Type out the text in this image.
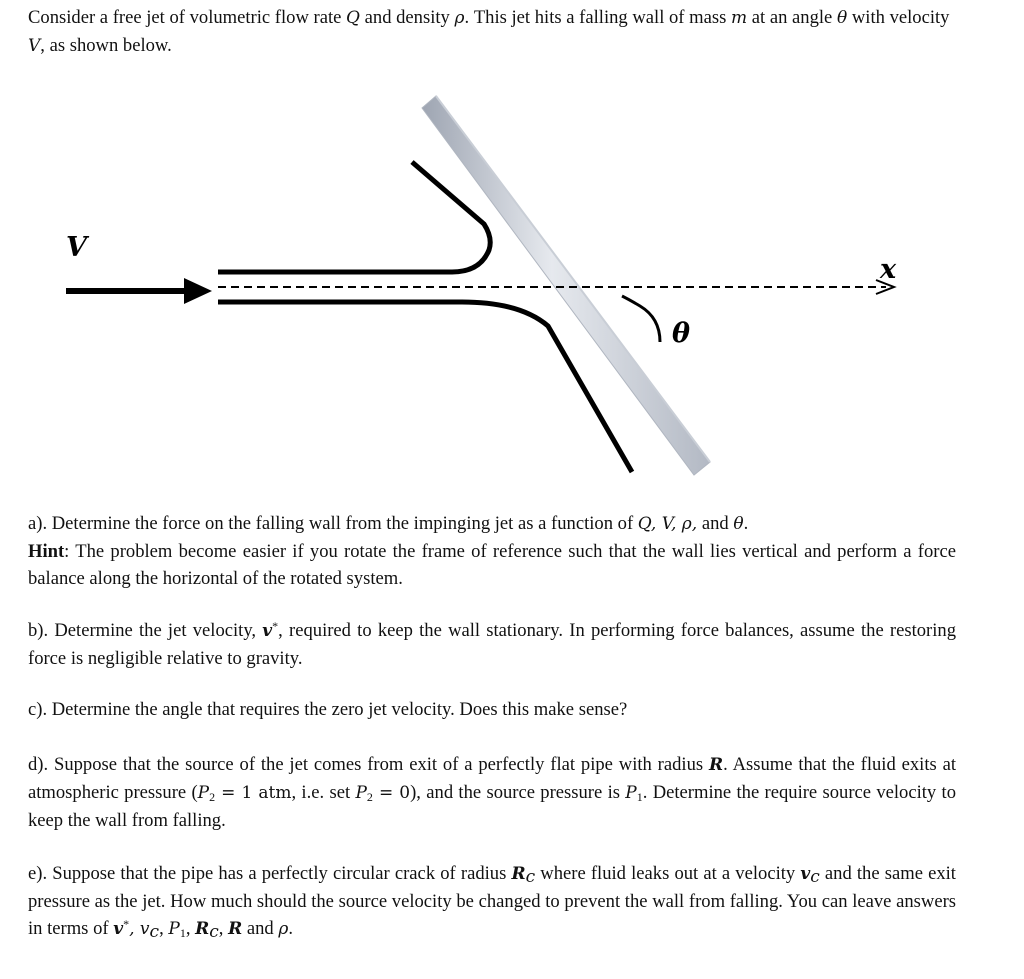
Consider a free jet of volumetric flow rate Q and density ρ. This jet hits a falling wall of mass m at an angle θ with velocity V, as shown below.

V
x
θ

a). Determine the force on the falling wall from the impinging jet as a function of Q, V, ρ, and θ.
Hint: The problem become easier if you rotate the frame of reference such that the wall lies vertical and perform a force balance along the horizontal of the rotated system.

b). Determine the jet velocity, v*, required to keep the wall stationary. In performing force balances, assume the restoring force is negligible relative to gravity.

c). Determine the angle that requires the zero jet velocity. Does this make sense?

d). Suppose that the source of the jet comes from exit of a perfectly flat pipe with radius R. Assume that the fluid exits at atmospheric pressure ($P_2 = 1$ atm, i.e. set $P_2 = 0$), and the source pressure is $P_1$. Determine the require source velocity to keep the wall from falling.

e). Suppose that the pipe has a perfectly circular crack of radius $R_c$ where fluid leaks out at a velocity $v_c$ and the same exit pressure as the jet. How much should the source velocity be changed to prevent the wall from falling. You can leave answers in terms of v*, $v_c$, $P_1$, $R_c$, R and ρ.
